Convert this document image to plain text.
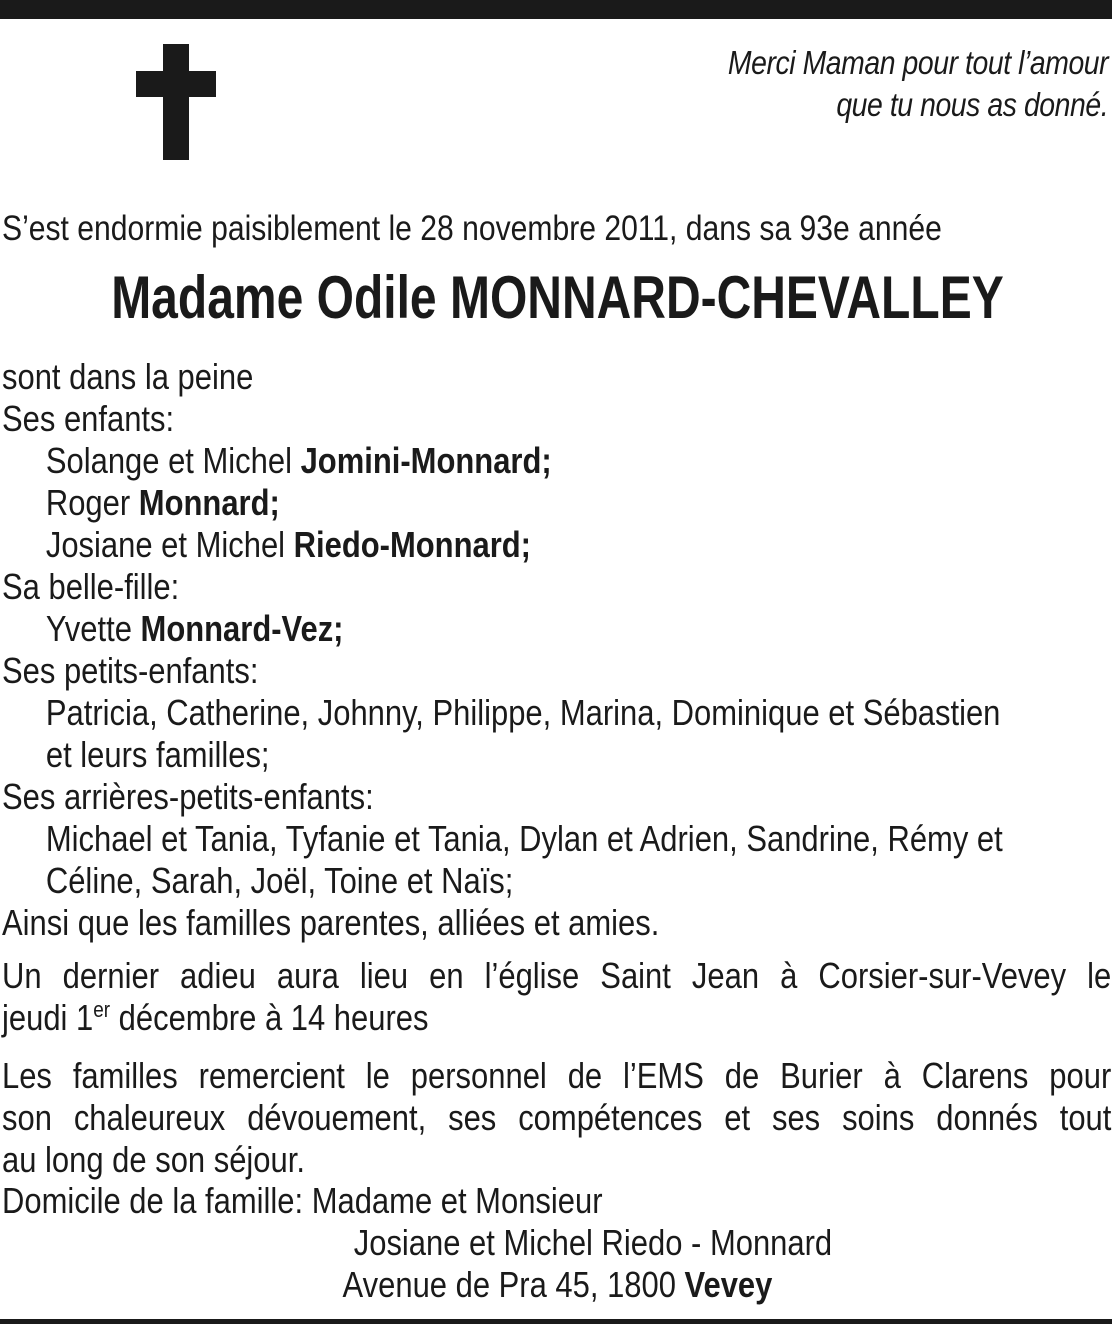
Merci Maman pour tout l’amour
que tu nous as donné.
S’est endormie paisiblement le 28 novembre 2011, dans sa 93e année
Madame Odile MONNARD-CHEVALLEY
sont dans la peine
Ses enfants:
Solange et Michel Jomini-Monnard;
Roger Monnard;
Josiane et Michel Riedo-Monnard;
Sa belle-fille:
Yvette Monnard-Vez;
Ses petits-enfants:
Patricia, Catherine, Johnny, Philippe, Marina, Dominique et Sébastien
et leurs familles;
Ses arrières-petits-enfants:
Michael et Tania, Tyfanie et Tania, Dylan et Adrien, Sandrine, Rémy et
Céline, Sarah, Joël, Toine et Naïs;
Ainsi que les familles parentes, alliées et amies.
Un dernier adieu aura lieu en l’église Saint Jean à Corsier-sur-Vevey le
jeudi 1er décembre à 14 heures
Les familles remercient le personnel de l’EMS de Burier à Clarens pour
son chaleureux dévouement, ses compétences et ses soins donnés tout
au long de son séjour.
Domicile de la famille: Madame et Monsieur
Josiane et Michel Riedo - Monnard
Avenue de Pra 45, 1800 Vevey
